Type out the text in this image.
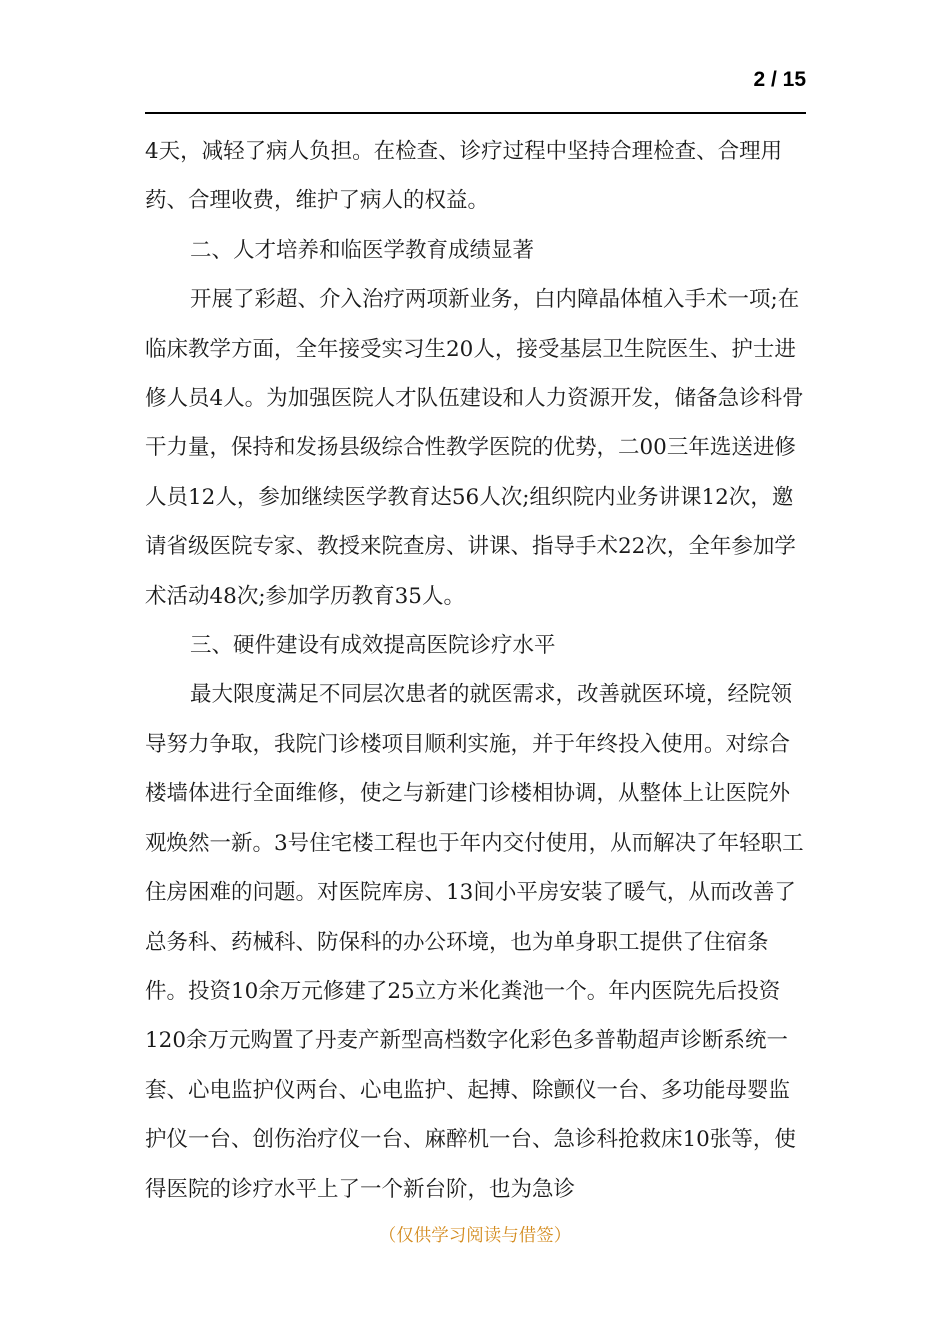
2 / 15

4天，减轻了病人负担。在检查、诊疗过程中坚持合理检查、合理用药、合理收费，维护了病人的权益。

二、人才培养和临医学教育成绩显著

开展了彩超、介入治疗两项新业务，白内障晶体植入手术一项;在临床教学方面，全年接受实习生20人，接受基层卫生院医生、护士进修人员4人。为加强医院人才队伍建设和人力资源开发，储备急诊科骨干力量，保持和发扬县级综合性教学医院的优势，二00三年选送进修人员12人，参加继续医学教育达56人次;组织院内业务讲课12次，邀请省级医院专家、教授来院查房、讲课、指导手术22次，全年参加学术活动48次;参加学历教育35人。

三、硬件建设有成效提高医院诊疗水平

最大限度满足不同层次患者的就医需求，改善就医环境，经院领导努力争取，我院门诊楼项目顺利实施，并于年终投入使用。对综合楼墙体进行全面维修，使之与新建门诊楼相协调，从整体上让医院外观焕然一新。3号住宅楼工程也于年内交付使用，从而解决了年轻职工住房困难的问题。对医院库房、13间小平房安装了暖气，从而改善了总务科、药械科、防保科的办公环境，也为单身职工提供了住宿条件。投资10余万元修建了25立方米化粪池一个。年内医院先后投资120余万元购置了丹麦产新型高档数字化彩色多普勒超声诊断系统一套、心电监护仪两台、心电监护、起搏、除颤仪一台、多功能母婴监护仪一台、创伤治疗仪一台、麻醉机一台、急诊科抢救床10张等，使得医院的诊疗水平上了一个新台阶，也为急诊

（仅供学习阅读与借签）
